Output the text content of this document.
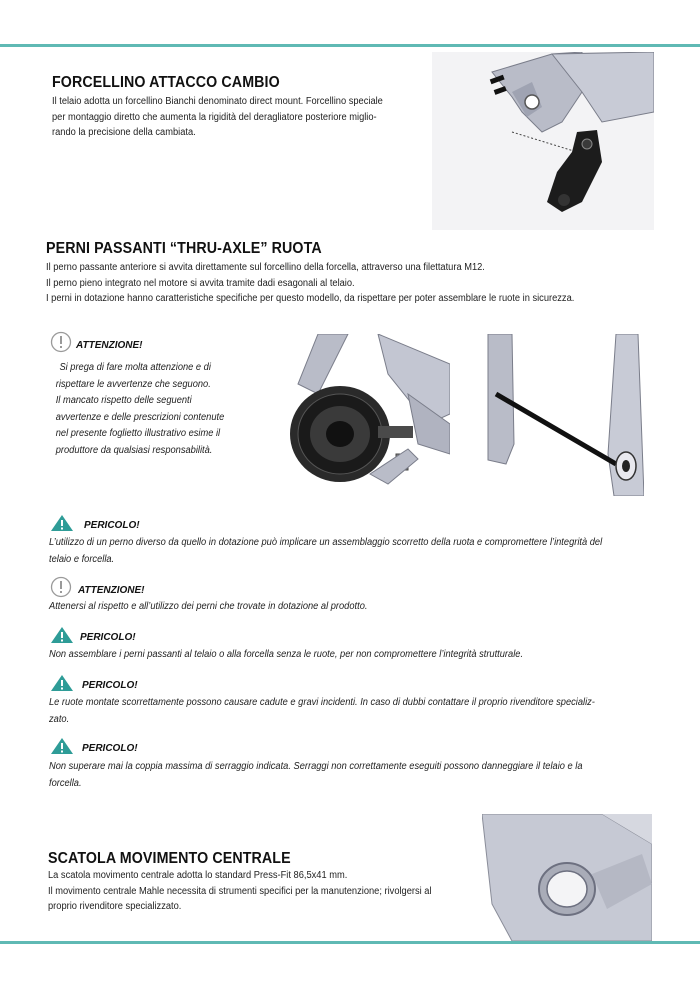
FORCELLINO ATTACCO CAMBIO
Il telaio adotta un forcellino Bianchi denominato direct mount. Forcellino speciale
per montaggio diretto che aumenta la rigidità del deragliatore posteriore miglio-
rando la precisione della cambiata.
PERNI PASSANTI “THRU-AXLE” RUOTA
Il perno passante anteriore si avvita direttamente sul forcellino della forcella, attraverso una filettatura M12.
Il perno pieno integrato nel motore si avvita tramite dadi esagonali al telaio.
I perni in dotazione hanno caratteristiche specifiche per questo modello, da rispettare per poter assemblare le ruote in sicurezza.
ATTENZIONE!
Si prega di fare molta attenzione e di
rispettare le avvertenze che seguono.
Il mancato rispetto delle seguenti
avvertenze e delle prescrizioni contenute
nel presente foglietto illustrativo esime il
produttore da qualsiasi responsabilità.
PERICOLO!
L’utilizzo di un perno diverso da quello in dotazione può implicare un assemblaggio scorretto della ruota e compromettere l’integrità del
telaio e forcella.
ATTENZIONE!
Attenersi al rispetto e all’utilizzo dei perni che trovate in dotazione al prodotto.
PERICOLO!
Non assemblare i perni passanti al telaio o alla forcella senza le ruote, per non compromettere l’integrità strutturale.
PERICOLO!
Le ruote montate scorrettamente possono causare cadute e gravi incidenti. In caso di dubbi contattare il proprio rivenditore specializ-
zato.
PERICOLO!
Non superare mai la coppia massima di serraggio indicata. Serraggi non correttamente eseguiti possono danneggiare il telaio e la
forcella.
SCATOLA MOVIMENTO CENTRALE
La scatola movimento centrale adotta lo standard Press-Fit 86,5x41 mm.
Il movimento centrale Mahle necessita di strumenti specifici per la manutenzione; rivolgersi al
proprio rivenditore specializzato.
